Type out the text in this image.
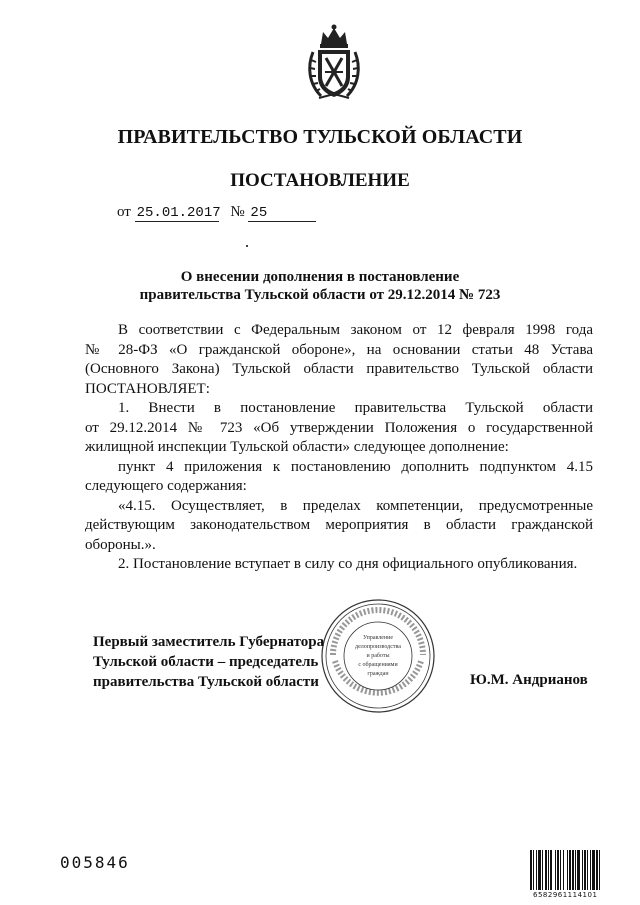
ПРАВИТЕЛЬСТВО ТУЛЬСКОЙ ОБЛАСТИ
ПОСТАНОВЛЕНИЕ
от 25.01.2017 № 25
О внесении дополнения в постановление
правительства Тульской области от 29.12.2014 № 723

В соответствии с Федеральным законом от 12 февраля 1998 года

№ 28-ФЗ «О гражданской обороне», на основании статьи 48 Устава

(Основного Закона) Тульской области правительство Тульской области

ПОСТАНОВЛЯЕТ:

1. Внести в постановление правительства Тульской области

от 29.12.2014 № 723 «Об утверждении Положения о государственной

жилищной инспекции Тульской области» следующее дополнение:

пункт 4 приложения к постановлению дополнить подпунктом 4.15

следующего содержания:

«4.15. Осуществляет, в пределах компетенции, предусмотренные

действующим законодательством мероприятия в области гражданской

обороны.».

2. Постановление вступает в силу со дня официального опубликования.

Управление
делопроизводства
и работы
с обращениями
граждан
Первый заместитель Губернатора
Тульской области – председатель
правительства Тульской области	Ю.М. Андрианов
005846
6582961114101
